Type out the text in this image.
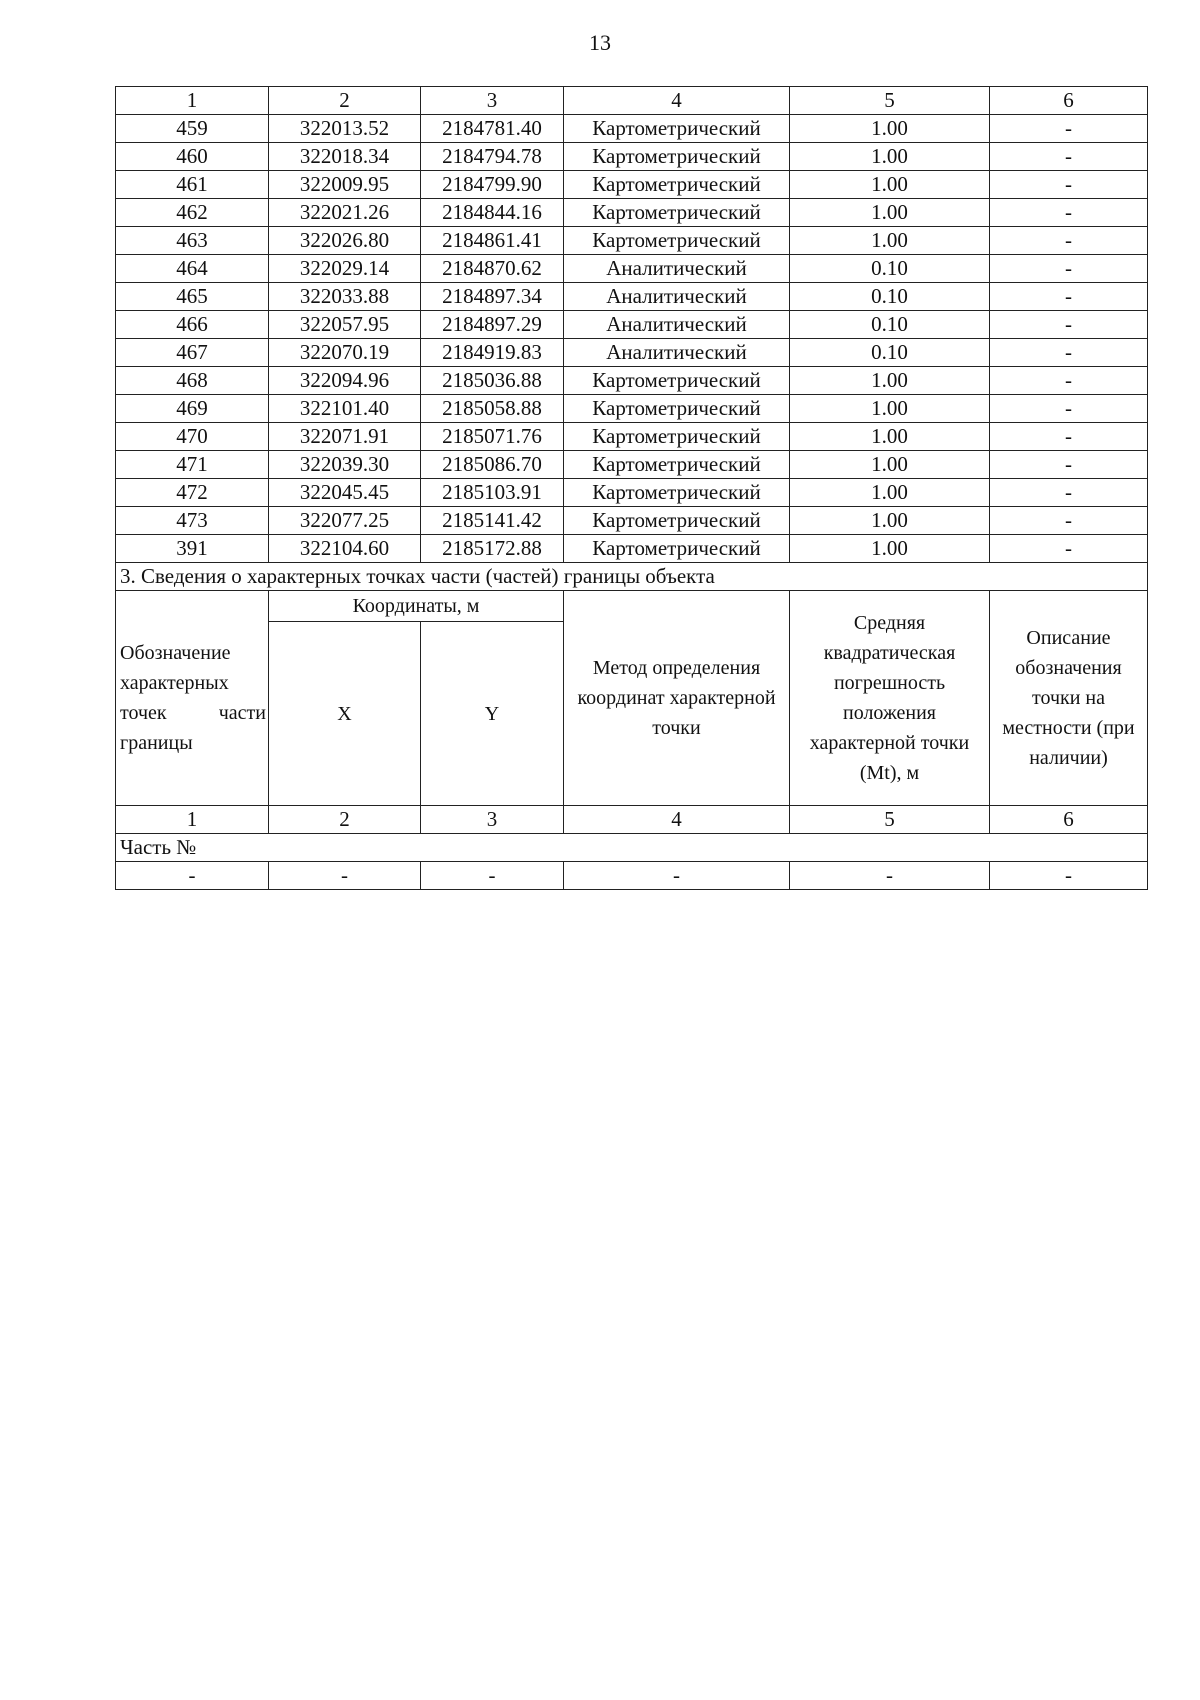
13
1	2	3	4	5	6
459	322013.52	2184781.40	Картометрический	1.00	-
460	322018.34	2184794.78	Картометрический	1.00	-
461	322009.95	2184799.90	Картометрический	1.00	-
462	322021.26	2184844.16	Картометрический	1.00	-
463	322026.80	2184861.41	Картометрический	1.00	-
464	322029.14	2184870.62	Аналитический	0.10	-
465	322033.88	2184897.34	Аналитический	0.10	-
466	322057.95	2184897.29	Аналитический	0.10	-
467	322070.19	2184919.83	Аналитический	0.10	-
468	322094.96	2185036.88	Картометрический	1.00	-
469	322101.40	2185058.88	Картометрический	1.00	-
470	322071.91	2185071.76	Картометрический	1.00	-
471	322039.30	2185086.70	Картометрический	1.00	-
472	322045.45	2185103.91	Картометрический	1.00	-
473	322077.25	2185141.42	Картометрический	1.00	-
391	322104.60	2185172.88	Картометрический	1.00	-
3. Сведения о характерных точках части (частей) границы объекта					
Обозначение характерных точек части границы	Координаты, м		Метод определения координат характерной точки	Средняя квадратическая погрешность положения характерной точки (Mt), м	Описание обозначения точки на местности (при наличии)
	X	Y			
1	2	3	4	5	6
Часть №					
-	-	-	-	-	-
